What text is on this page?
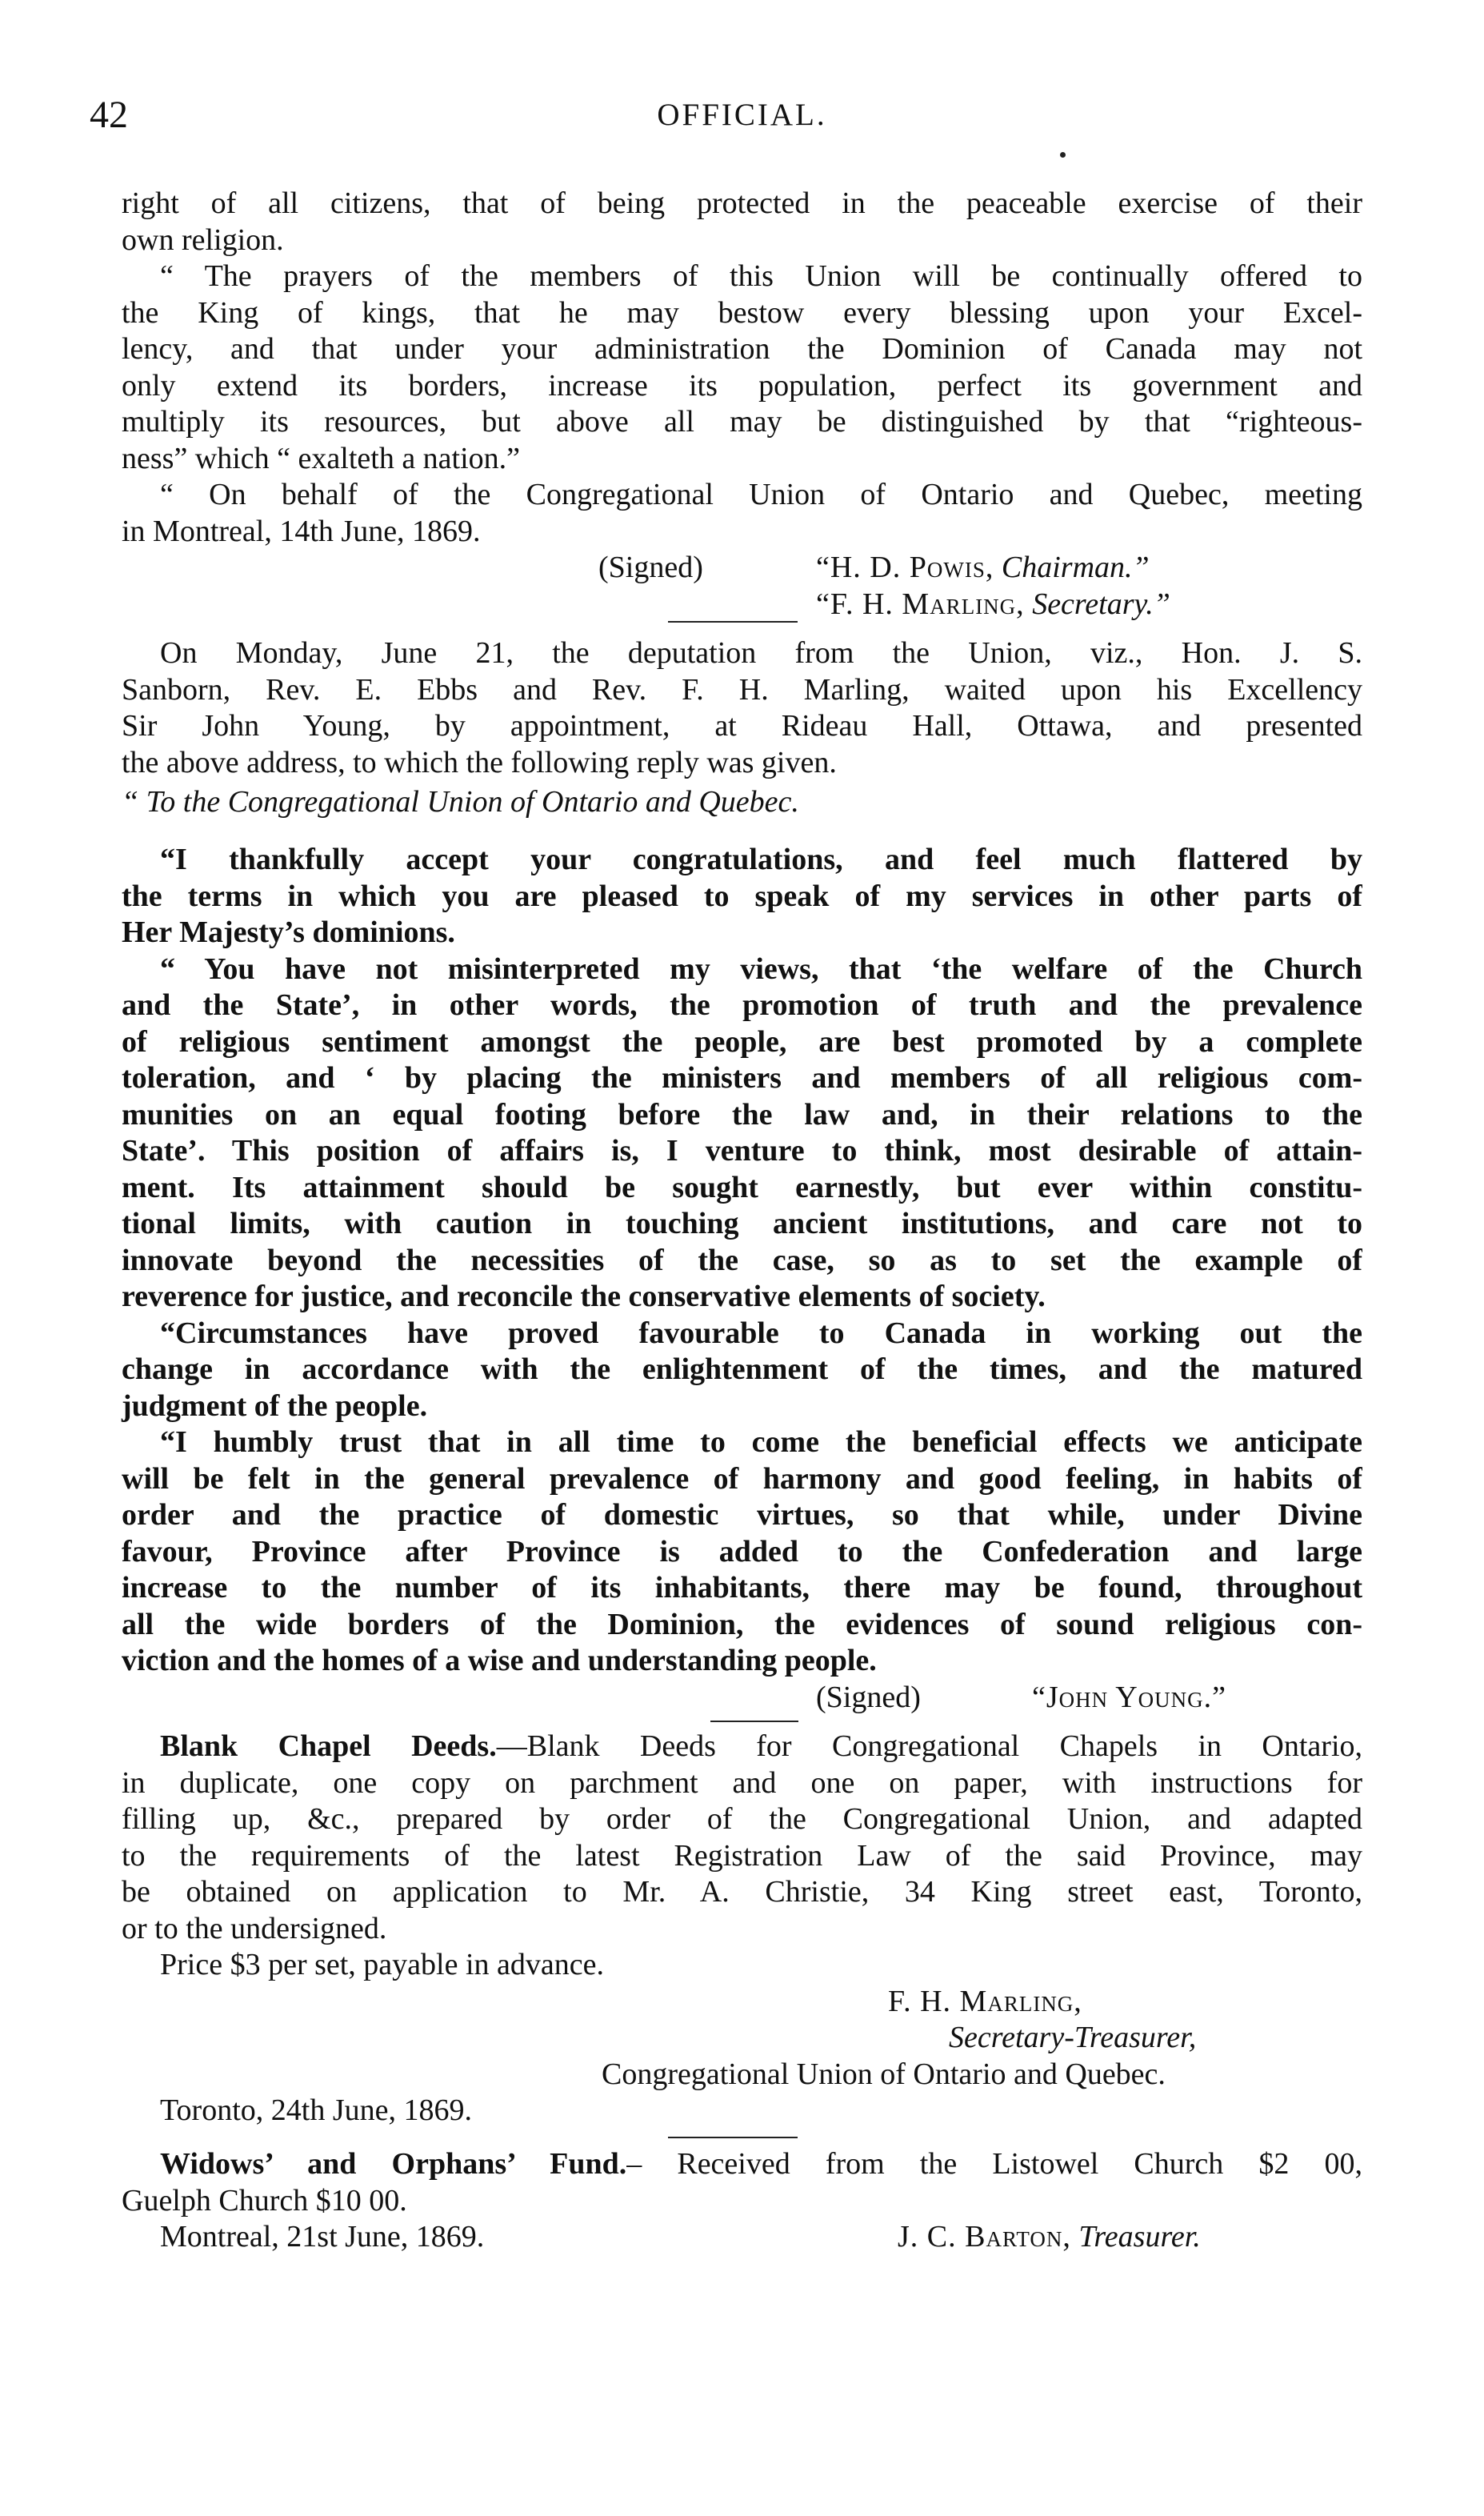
42	OFFICIAL.

right of all citizens, that of being protected in the peaceable exercise of their

own religion.

“ The prayers of the members of this Union will be continually offered to

the King of kings, that he may bestow every blessing upon your Excel-

lency, and that under your administration the Dominion of Canada may not

only extend its borders, increase its population, perfect its government and

multiply its resources, but above all may be distinguished by that “righteous-

ness” which “ exalteth a nation.”

“ On behalf of the Congregational Union of Ontario and Quebec, meeting

in Montreal, 14th June, 1869.

(Signed)	“H. D. Powis, Chairman.”
“F. H. Marling, Secretary.”

On Monday, June 21, the deputation from the Union, viz., Hon. J. S.

Sanborn, Rev. E. Ebbs and Rev. F. H. Marling, waited upon his Excellency

Sir John Young, by appointment, at Rideau Hall, Ottawa, and presented

the above address, to which the following reply was given.

“ To the Congregational Union of Ontario and Quebec.

“I thankfully accept your congratulations, and feel much flattered by

the terms in which you are pleased to speak of my services in other parts of

Her Majesty’s dominions.

“ You have not misinterpreted my views, that ‘the welfare of the Church

and the State’, in other words, the promotion of truth and the prevalence

of religious sentiment amongst the people, are best promoted by a complete

toleration, and ‘ by placing the ministers and members of all religious com-

munities on an equal footing before the law and, in their relations to the

State’. This position of affairs is, I venture to think, most desirable of attain-

ment. Its attainment should be sought earnestly, but ever within constitu-

tional limits, with caution in touching ancient institutions, and care not to

innovate beyond the necessities of the case, so as to set the example of

reverence for justice, and reconcile the conservative elements of society.

“Circumstances have proved favourable to Canada in working out the

change in accordance with the enlightenment of the times, and the matured

judgment of the people.

“I humbly trust that in all time to come the beneficial effects we anticipate

will be felt in the general prevalence of harmony and good feeling, in habits of

order and the practice of domestic virtues, so that while, under Divine

favour, Province after Province is added to the Confederation and large

increase to the number of its inhabitants, there may be found, throughout

all the wide borders of the Dominion, the evidences of sound religious con-

viction and the homes of a wise and understanding people.

(Signed)	“John Young.”

Blank Chapel Deeds.—Blank Deeds for Congregational Chapels in Ontario,

in duplicate, one copy on parchment and one on paper, with instructions for

filling up, &c., prepared by order of the Congregational Union, and adapted

to the requirements of the latest Registration Law of the said Province, may

be obtained on application to Mr. A. Christie, 34 King street east, Toronto,

or to the undersigned.

Price $3 per set, payable in advance.

F. H. Marling,
Secretary-Treasurer,
Congregational Union of Ontario and Quebec.

Toronto, 24th June, 1869.

Widows’ and Orphans’ Fund.– Received from the Listowel Church $2 00,

Guelph Church $10 00.

Montreal, 21st June, 1869.	J. C. Barton, Treasurer.
